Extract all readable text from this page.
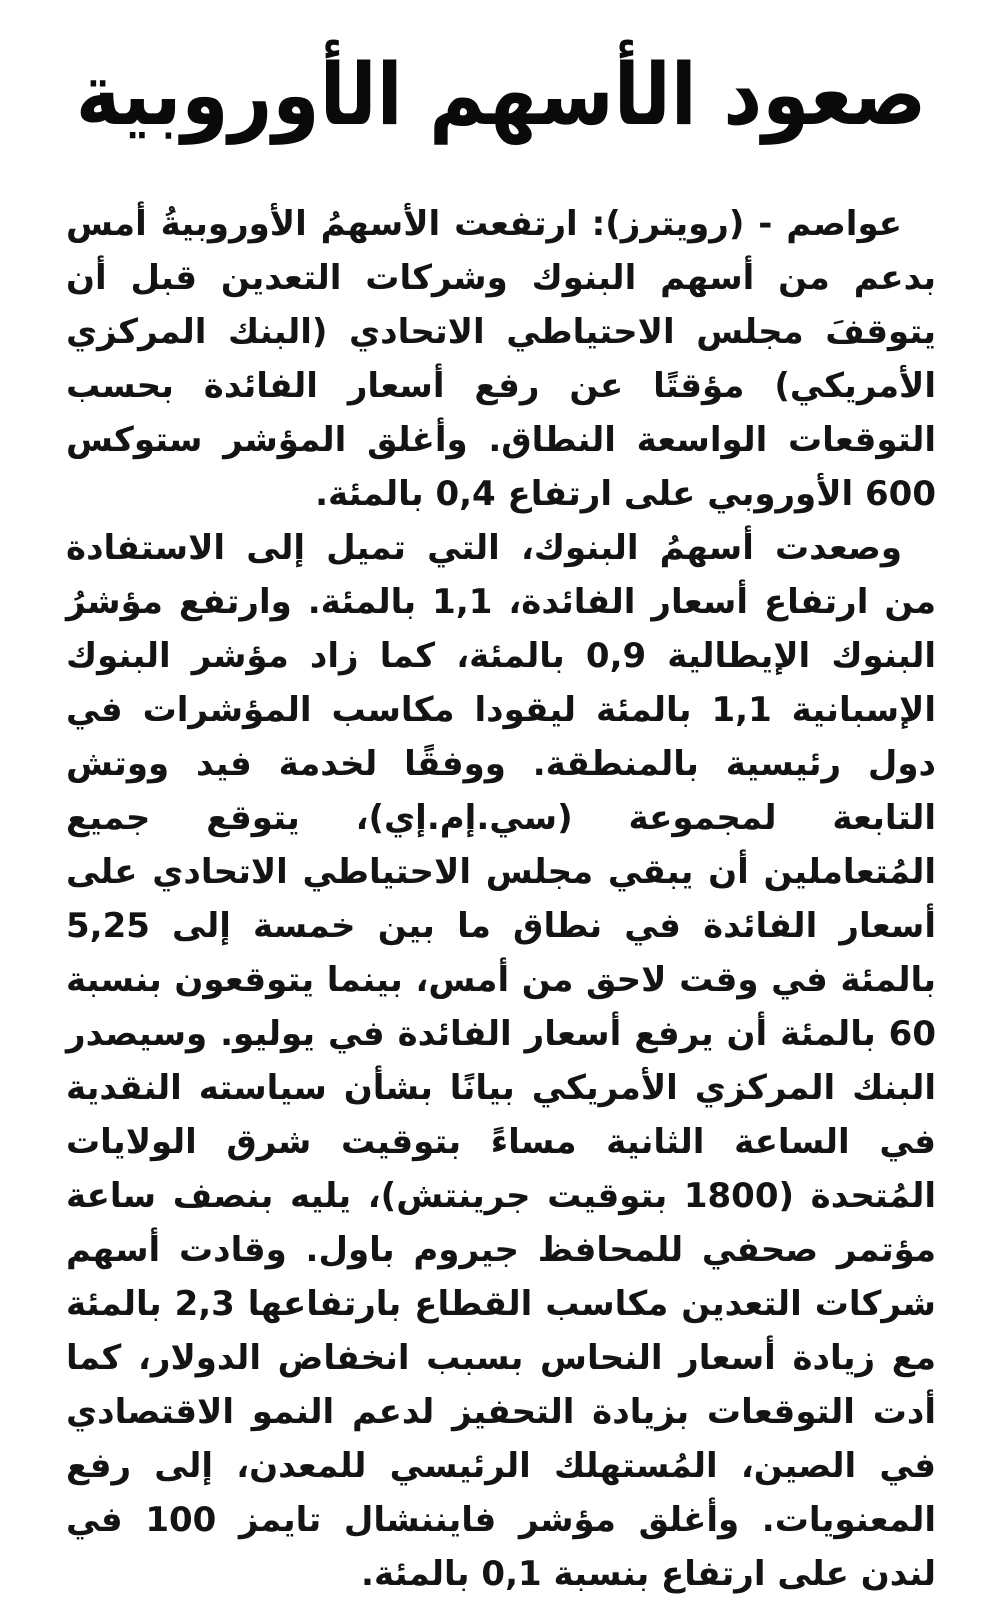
صعود الأسهم الأوروبية

عواصم - (رويترز): ارتفعت الأسهمُ الأوروبيةُ أمس بدعم من أسهم البنوك وشركات التعدين قبل أن يتوقفَ مجلس الاحتياطي الاتحادي (البنك المركزي الأمريكي) مؤقتًا عن رفع أسعار الفائدة بحسب التوقعات الواسعة النطاق. وأغلق المؤشر ستوكس 600 الأوروبي على ارتفاع 0,4 بالمئة.

وصعدت أسهمُ البنوك، التي تميل إلى الاستفادة من ارتفاع أسعار الفائدة، 1,1 بالمئة. وارتفع مؤشرُ البنوك الإيطالية 0,9 بالمئة، كما زاد مؤشر البنوك الإسبانية 1,1 بالمئة ليقودا مكاسب المؤشرات في دول رئيسية بالمنطقة. ووفقًا لخدمة فيد ووتش التابعة لمجموعة (سي.إم.إي)، يتوقع جميع المُتعاملين أن يبقي مجلس الاحتياطي الاتحادي على أسعار الفائدة في نطاق ما بين خمسة إلى 5,25 بالمئة في وقت لاحق من أمس، بينما يتوقعون بنسبة 60 بالمئة أن يرفع أسعار الفائدة في يوليو. وسيصدر البنك المركزي الأمريكي بيانًا بشأن سياسته النقدية في الساعة الثانية مساءً بتوقيت شرق الولايات المُتحدة (1800 بتوقيت جرينتش)، يليه بنصف ساعة مؤتمر صحفي للمحافظ جيروم باول. وقادت أسهم شركات التعدين مكاسب القطاع بارتفاعها 2,3 بالمئة مع زيادة أسعار النحاس بسبب انخفاض الدولار، كما أدت التوقعات بزيادة التحفيز لدعم النمو الاقتصادي في الصين، المُستهلك الرئيسي للمعدن، إلى رفع المعنويات. وأغلق مؤشر فايننشال تايمز 100 في لندن على ارتفاع بنسبة 0,1 بالمئة.
